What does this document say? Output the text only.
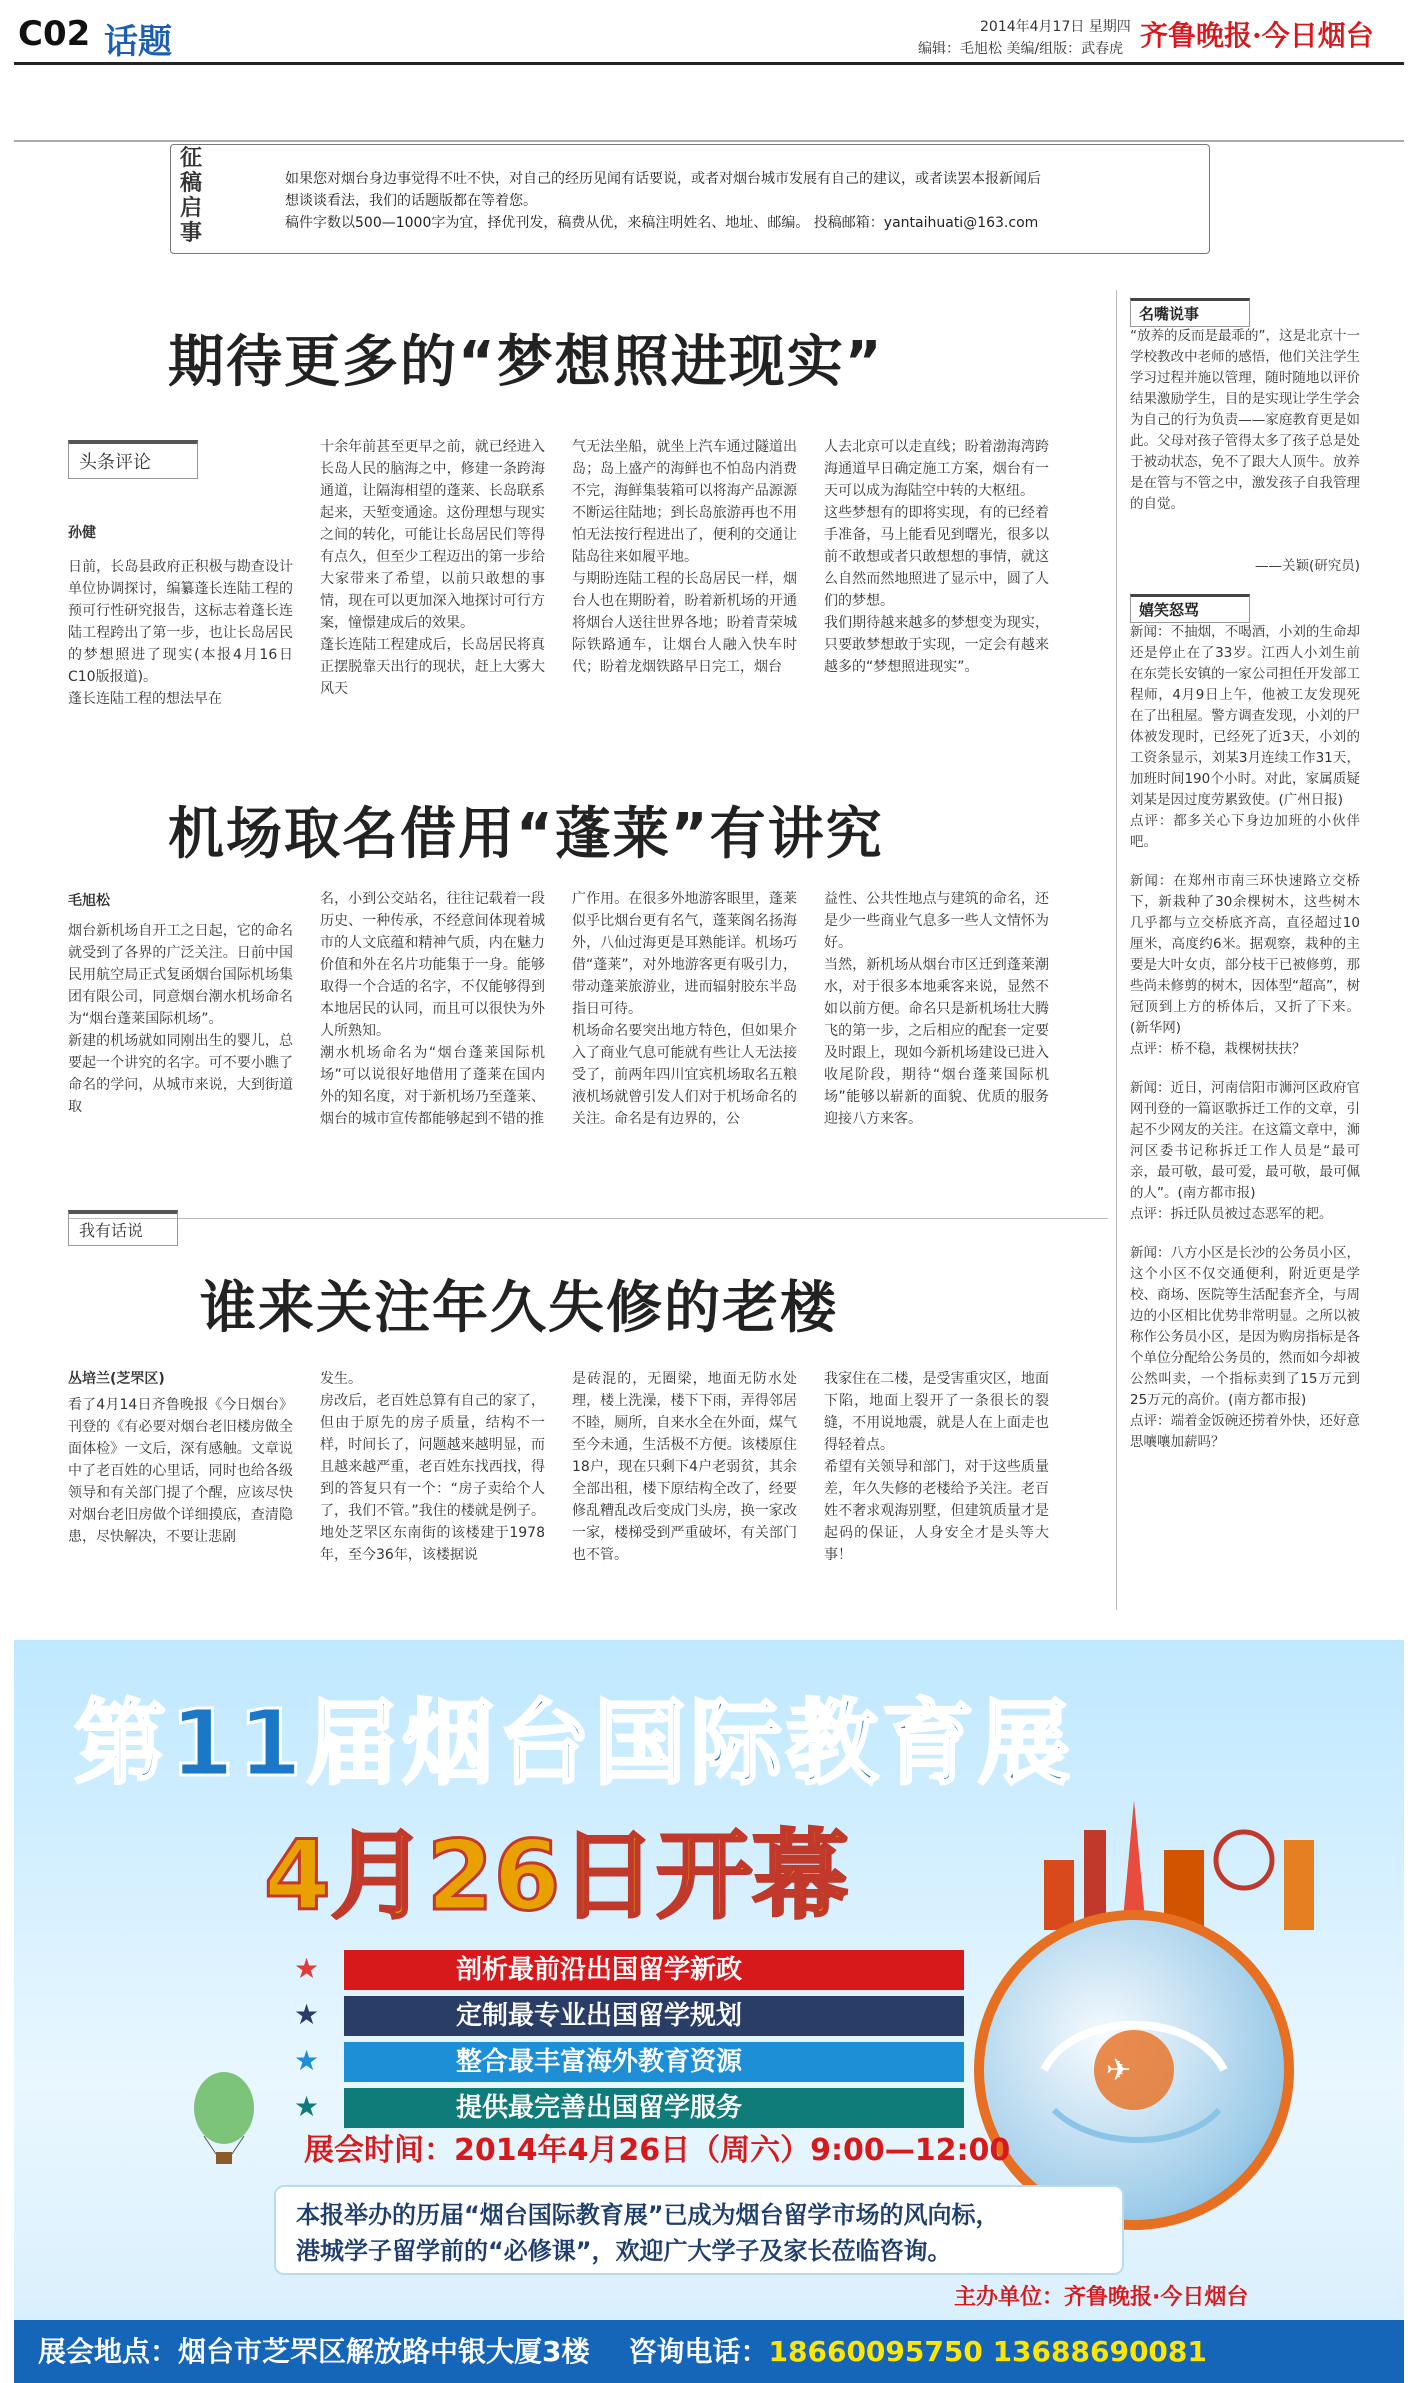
C02 话题	2014年4月17日 星期四
编辑：毛旭松 美编/组版：武春虎 齐鲁晚报·今日烟台
征稿启事
如果您对烟台身边事觉得不吐不快，对自己的经历见闻有话要说，或者对烟台城市发展有自己的建议，或者读罢本报新闻后
想谈谈看法，我们的话题版都在等着您。
稿件字数以500—1000字为宜，择优刊发，稿费从优，来稿注明姓名、地址、邮编。 投稿邮箱：yantaihuati@163.com
期待更多的“梦想照进现实”
头条评论
孙健
日前，长岛县政府正积极与勘查设计单位协调探讨，编纂蓬长连陆工程的预可行性研究报告，这标志着蓬长连陆工程跨出了第一步，也让长岛居民的梦想照进了现实(本报4月16日C10版报道)。
蓬长连陆工程的想法早在
十余年前甚至更早之前，就已经进入长岛人民的脑海之中，修建一条跨海通道，让隔海相望的蓬莱、长岛联系起来，天堑变通途。这份理想与现实之间的转化，可能让长岛居民们等得有点久，但至少工程迈出的第一步给大家带来了希望，以前只敢想的事情，现在可以更加深入地探讨可行方案，憧憬建成后的效果。
蓬长连陆工程建成后，长岛居民将真正摆脱靠天出行的现状，赶上大雾大风天
气无法坐船，就坐上汽车通过隧道出岛；岛上盛产的海鲜也不怕岛内消费不完，海鲜集装箱可以将海产品源源不断运往陆地；到长岛旅游再也不用怕无法按行程进出了，便利的交通让陆岛往来如履平地。
与期盼连陆工程的长岛居民一样，烟台人也在期盼着，盼着新机场的开通将烟台人送往世界各地；盼着青荣城际铁路通车，让烟台人融入快车时代；盼着龙烟铁路早日完工，烟台
人去北京可以走直线；盼着渤海湾跨海通道早日确定施工方案，烟台有一天可以成为海陆空中转的大枢纽。
这些梦想有的即将实现，有的已经着手准备，马上能看见到曙光，很多以前不敢想或者只敢想想的事情，就这么自然而然地照进了显示中，圆了人们的梦想。
我们期待越来越多的梦想变为现实，只要敢梦想敢于实现，一定会有越来越多的“梦想照进现实”。
机场取名借用“蓬莱”有讲究
毛旭松
烟台新机场自开工之日起，它的命名就受到了各界的广泛关注。日前中国民用航空局正式复函烟台国际机场集团有限公司，同意烟台潮水机场命名为“烟台蓬莱国际机场”。
新建的机场就如同刚出生的婴儿，总要起一个讲究的名字。可不要小瞧了命名的学问，从城市来说，大到街道取
名，小到公交站名，往往记载着一段历史、一种传承，不经意间体现着城市的人文底蕴和精神气质，内在魅力价值和外在名片功能集于一身。能够取得一个合适的名字，不仅能够得到本地居民的认同，而且可以很快为外人所熟知。
潮水机场命名为“烟台蓬莱国际机场”可以说很好地借用了蓬莱在国内外的知名度，对于新机场乃至蓬莱、烟台的城市宣传都能够起到不错的推
广作用。在很多外地游客眼里，蓬莱似乎比烟台更有名气，蓬莱阁名扬海外，八仙过海更是耳熟能详。机场巧借“蓬莱”，对外地游客更有吸引力，带动蓬莱旅游业，进而辐射胶东半岛指日可待。
机场命名要突出地方特色，但如果介入了商业气息可能就有些让人无法接受了，前两年四川宜宾机场取名五粮液机场就曾引发人们对于机场命名的关注。命名是有边界的，公
益性、公共性地点与建筑的命名，还是少一些商业气息多一些人文情怀为好。
当然，新机场从烟台市区迁到蓬莱潮水，对于很多本地乘客来说，显然不如以前方便。命名只是新机场壮大腾飞的第一步，之后相应的配套一定要及时跟上，现如今新机场建设已进入收尾阶段，期待“烟台蓬莱国际机场”能够以崭新的面貌、优质的服务迎接八方来客。
我有话说
谁来关注年久失修的老楼
丛培兰(芝罘区)
看了4月14日齐鲁晚报《今日烟台》刊登的《有必要对烟台老旧楼房做全面体检》一文后，深有感触。文章说中了老百姓的心里话，同时也给各级领导和有关部门提了个醒，应该尽快对烟台老旧房做个详细摸底，查清隐患，尽快解决，不要让悲剧
发生。
房改后，老百姓总算有自己的家了，但由于原先的房子质量，结构不一样，时间长了，问题越来越明显，而且越来越严重，老百姓东找西找，得到的答复只有一个：“房子卖给个人了，我们不管。”我住的楼就是例子。地处芝罘区东南街的该楼建于1978年，至今36年，该楼据说
是砖混的，无圈梁，地面无防水处理，楼上洗澡，楼下下雨，弄得邻居不睦，厕所，自来水全在外面，煤气至今未通，生活极不方便。该楼原住18户，现在只剩下4户老弱贫，其余全部出租，楼下原结构全改了，经要修乱糟乱改后变成门头房，换一家改一家，楼梯受到严重破坏，有关部门也不管。
我家住在二楼，是受害重灾区，地面下陷，地面上裂开了一条很长的裂缝，不用说地震，就是人在上面走也得轻着点。
希望有关领导和部门，对于这些质量差，年久失修的老楼给予关注。老百姓不奢求观海别墅，但建筑质量才是起码的保证，人身安全才是头等大事！
名嘴说事
“放养的反而是最乖的”，这是北京十一学校教改中老师的感悟，他们关注学生学习过程并施以管理，随时随地以评价结果激励学生，目的是实现让学生学会为自己的行为负责——家庭教育更是如此。父母对孩子管得太多了孩子总是处于被动状态，免不了跟大人顶牛。放养是在管与不管之中，激发孩子自我管理的自觉。
——关颖(研究员)
嬉笑怒骂
新闻：不抽烟，不喝酒，小刘的生命却还是停止在了33岁。江西人小刘生前在东莞长安镇的一家公司担任开发部工程师，4月9日上午，他被工友发现死在了出租屋。警方调查发现，小刘的尸体被发现时，已经死了近3天，小刘的工资条显示，刘某3月连续工作31天，加班时间190个小时。对此，家属质疑刘某是因过度劳累致使。(广州日报)
点评：都多关心下身边加班的小伙伴吧。
新闻：在郑州市南三环快速路立交桥下，新栽种了30余棵树木，这些树木几乎都与立交桥底齐高，直径超过10厘米，高度约6米。据观察，栽种的主要是大叶女贞，部分枝干已被修剪，那些尚未修剪的树木，因体型“超高”，树冠顶到上方的桥体后，又折了下来。(新华网)
点评：桥不稳，栽棵树扶扶？
新闻：近日，河南信阳市浉河区政府官网刊登的一篇讴歌拆迁工作的文章，引起不少网友的关注。在这篇文章中，浉河区委书记称拆迁工作人员是“最可亲，最可敬，最可爱，最可敬，最可佩的人”。(南方都市报)
点评：拆迁队员被过态恶军的耙。
新闻：八方小区是长沙的公务员小区，这个小区不仅交通便利，附近更是学校、商场、医院等生活配套齐全，与周边的小区相比优势非常明显。之所以被称作公务员小区，是因为购房指标是各个单位分配给公务员的，然而如今却被公然叫卖，一个指标卖到了15万元到25万元的高价。(南方都市报)
点评：端着金饭碗还捞着外快，还好意思嚷嚷加薪吗？
第11届烟台国际教育展
4月26日开幕
✈
剖析最前沿出国留学新政
★
定制最专业出国留学规划
★
整合最丰富海外教育资源
★
提供最完善出国留学服务
★
展会时间：2014年4月26日（周六）9:00—12:00
本报举办的历届“烟台国际教育展”已成为烟台留学市场的风向标，
港城学子留学前的“必修课”，欢迎广大学子及家长莅临咨询。
主办单位：齐鲁晚报·今日烟台
展会地点：烟台市芝罘区解放路中银大厦3楼 咨询电话：18660095750 13688690081
